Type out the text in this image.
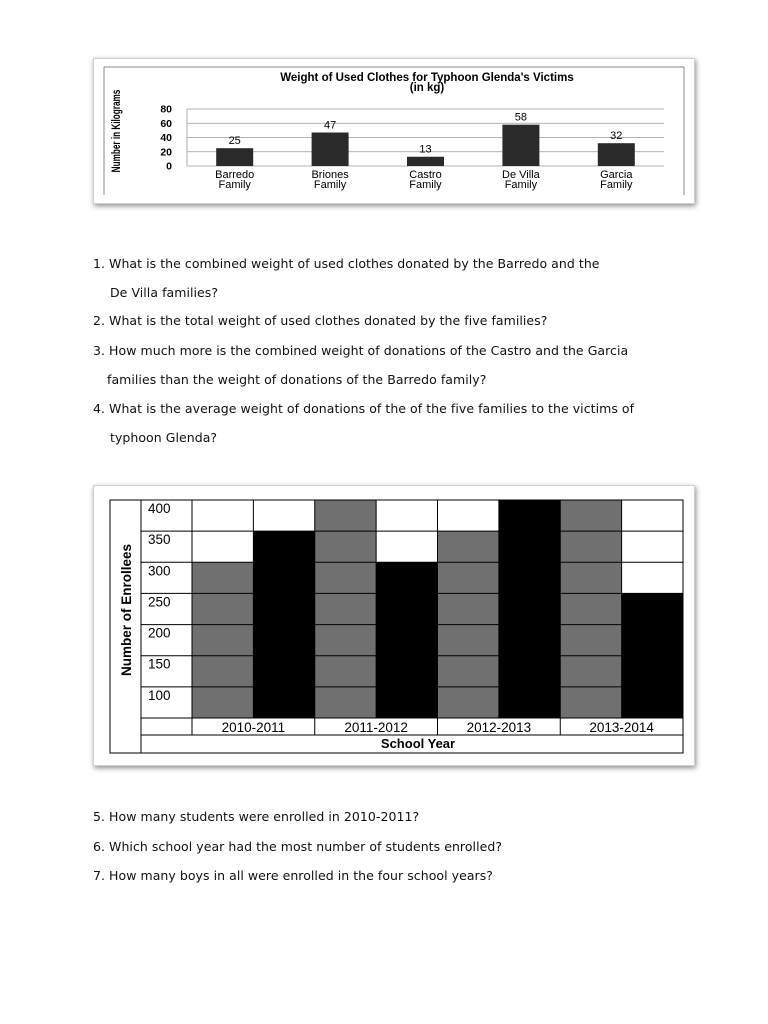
Weight of Used Clothes for Typhoon Glenda's Victims
(in kg)
Number in Kilograms	80
60
40
20
0
25
Barredo
Family
47
Briones
Family
13
Castro
Family
58
De Villa
Family
32
Garcia
Family
1. What is the combined weight of used clothes donated by the Barredo and the
De Villa families?
2. What is the total weight of used clothes donated by the five families?
3. How much more is the combined weight of donations of the Castro and the Garcia
families than the weight of donations of the Barredo family?
4. What is the average weight of donations of the of the five families to the victims of
typhoon Glenda?
400
350
300
250
200
150
100
2010-2011	2011-2012	2012-2013	2013-2014
Number of Enrollees
School Year
5. How many students were enrolled in 2010-2011?
6. Which school year had the most number of students enrolled?
7. How many boys in all were enrolled in the four school years?
